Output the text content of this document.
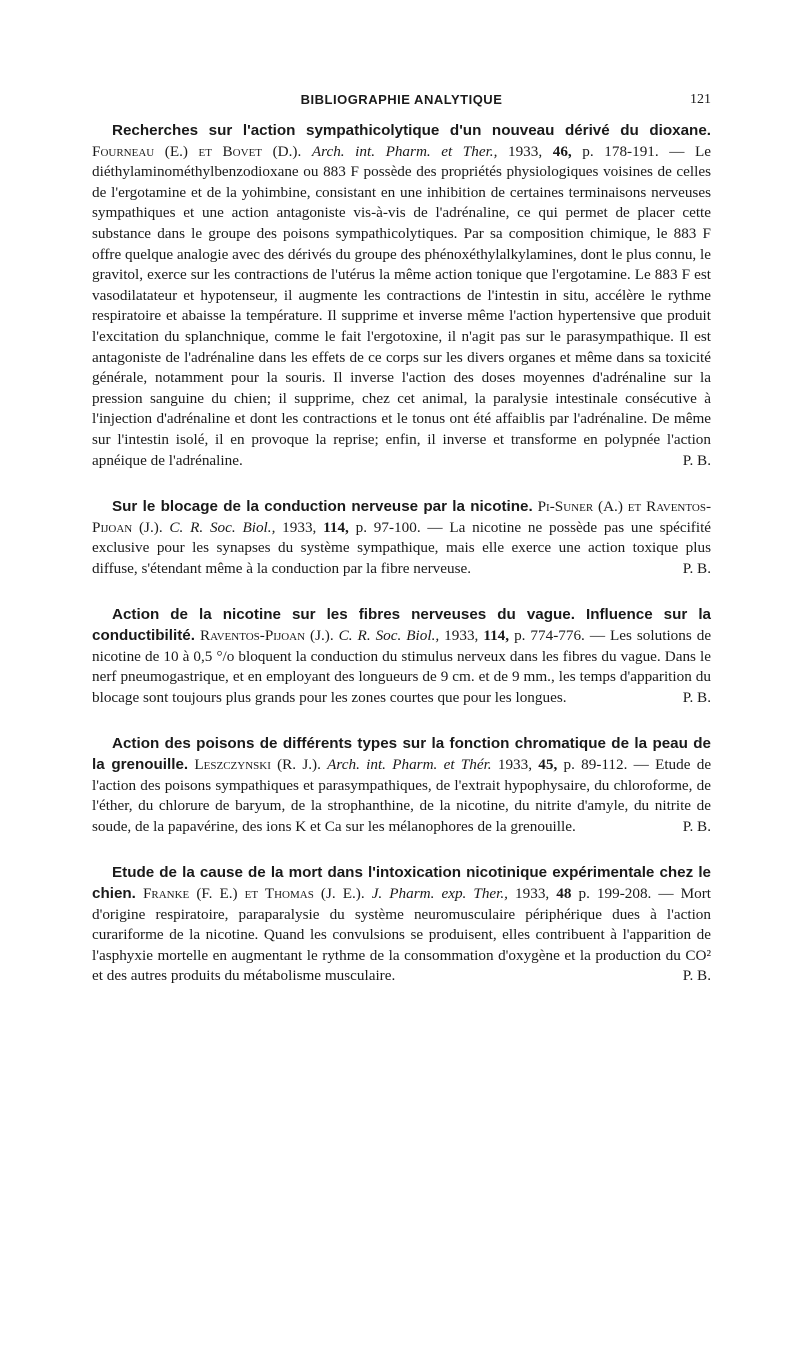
BIBLIOGRAPHIE ANALYTIQUE	121

Recherches sur l'action sympathicolytique d'un nouveau dérivé du dioxane. Fourneau (E.) et Bovet (D.). Arch. int. Pharm. et Ther., 1933, 46, p. 178-191. — Le diéthylaminométhylbenzodioxane ou 883 F possède des propriétés physiologiques voisines de celles de l'ergotamine et de la yohimbine, consistant en une inhibition de certaines terminaisons nerveuses sympathiques et une action antagoniste vis-à-vis de l'adrénaline, ce qui permet de placer cette substance dans le groupe des poisons sympathicolytiques. Par sa composition chimique, le 883 F offre quelque analogie avec des dérivés du groupe des phénoxéthylalkylamines, dont le plus connu, le gravitol, exerce sur les contractions de l'utérus la même action tonique que l'ergotamine. Le 883 F est vasodilatateur et hypotenseur, il augmente les contractions de l'intestin in situ, accélère le rythme respiratoire et abaisse la température. Il supprime et inverse même l'action hypertensive que produit l'excitation du splanchnique, comme le fait l'ergotoxine, il n'agit pas sur le parasympathique. Il est antagoniste de l'adrénaline dans les effets de ce corps sur les divers organes et même dans sa toxicité générale, notamment pour la souris. Il inverse l'action des doses moyennes d'adrénaline sur la pression sanguine du chien; il supprime, chez cet animal, la paralysie intestinale consécutive à l'injection d'adrénaline et dont les contractions et le tonus ont été affaiblis par l'adrénaline. De même sur l'intestin isolé, il en provoque la reprise; enfin, il inverse et transforme en polypnée l'action apnéique de l'adrénaline.	P. B.

Sur le blocage de la conduction nerveuse par la nicotine. Pi-Suner (A.) et Raventos-Pijoan (J.). C. R. Soc. Biol., 1933, 114, p. 97-100. — La nicotine ne possède pas une spécifité exclusive pour les synapses du système sympathique, mais elle exerce une action toxique plus diffuse, s'étendant même à la conduction par la fibre nerveuse.	P. B.

Action de la nicotine sur les fibres nerveuses du vague. Influence sur la conductibilité. Raventos-Pijoan (J.). C. R. Soc. Biol., 1933, 114, p. 774-776. — Les solutions de nicotine de 10 à 0,5 °/o bloquent la conduction du stimulus nerveux dans les fibres du vague. Dans le nerf pneumogastrique, et en employant des longueurs de 9 cm. et de 9 mm., les temps d'apparition du blocage sont toujours plus grands pour les zones courtes que pour les longues.	P. B.

Action des poisons de différents types sur la fonction chromatique de la peau de la grenouille. Leszczynski (R. J.). Arch. int. Pharm. et Thér. 1933, 45, p. 89-112. — Etude de l'action des poisons sympathiques et parasympathiques, de l'extrait hypophysaire, du chloroforme, de l'éther, du chlorure de baryum, de la strophanthine, de la nicotine, du nitrite d'amyle, du nitrite de soude, de la papavérine, des ions K et Ca sur les mélanophores de la grenouille.	P. B.

Etude de la cause de la mort dans l'intoxication nicotinique expérimentale chez le chien. Franke (F. E.) et Thomas (J. E.). J. Pharm. exp. Ther., 1933, 48 p. 199-208. — Mort d'origine respiratoire, paraparalysie du système neuromusculaire périphérique dues à l'action curariforme de la nicotine. Quand les convulsions se produisent, elles contribuent à l'apparition de l'asphyxie mortelle en augmentant le rythme de la consommation d'oxygène et la production du CO² et des autres produits du métabolisme musculaire.	P. B.
